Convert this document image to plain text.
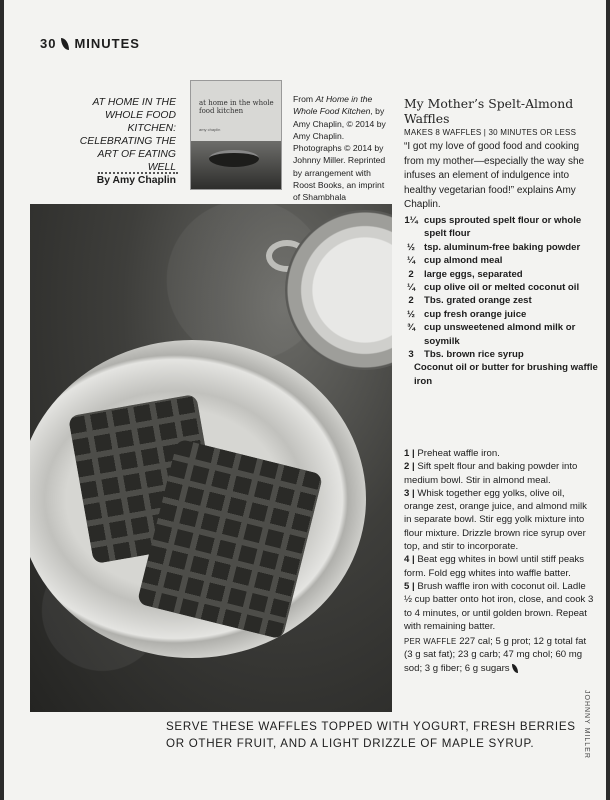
30 MINUTES
AT HOME IN THE WHOLE FOOD KITCHEN: CELEBRATING THE ART OF EATING WELL
By Amy Chaplin
at home in the whole food kitchen
amy chaplin
From At Home in the Whole Food Kitchen, by Amy Chaplin, © 2014 by Amy Chaplin. Photographs © 2014 by Johnny Miller. Reprinted by arrangement with Roost Books, an imprint of Shambhala
My Mother’s Spelt-Almond Waffles
MAKES 8 WAFFLES | 30 MINUTES OR LESS
“I got my love of good food and cooking from my mother—especially the way she infuses an element of indulgence into healthy vegetarian food!” explains Amy Chaplin.
1¼ cups sprouted spelt flour or whole spelt flour
½ tsp. aluminum-free baking powder
¼ cup almond meal
2	large eggs, separated
¼ cup olive oil or melted coconut oil
2	Tbs. grated orange zest
½ cup fresh orange juice
¾ cup unsweetened almond milk or soymilk
3	Tbs. brown rice syrup
Coconut oil or butter for brushing waffle iron
1 | Preheat waffle iron.
2 | Sift spelt flour and baking powder into medium bowl. Stir in almond meal.
3 | Whisk together egg yolks, olive oil, orange zest, orange juice, and almond milk in separate bowl. Stir egg yolk mixture into flour mixture. Drizzle brown rice syrup over top, and stir to incorporate.
4 | Beat egg whites in bowl until stiff peaks form. Fold egg whites into waffle batter.
5 | Brush waffle iron with coconut oil. Ladle ½ cup batter onto hot iron, close, and cook 3 to 4 minutes, or until golden brown. Repeat with remaining batter.
PER WAFFLE 227 cal; 5 g prot; 12 g total fat (3 g sat fat); 23 g carb; 47 mg chol; 60 mg sod; 3 g fiber; 6 g sugars
JOHNNY MILLER
SERVE THESE WAFFLES TOPPED WITH YOGURT, FRESH BERRIES OR OTHER FRUIT, AND A LIGHT DRIZZLE OF MAPLE SYRUP.
